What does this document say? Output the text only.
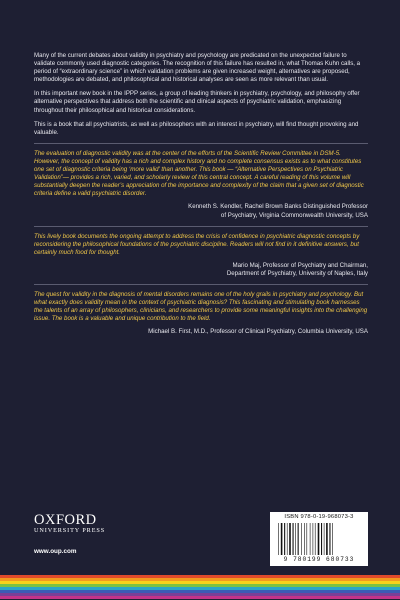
Many of the current debates about validity in psychiatry and psychology are predicated on the unexpected failure to validate commonly used diagnostic categories. The recognition of this failure has resulted in, what Thomas Kuhn calls, a period of “extraordinary science” in which validation problems are given increased weight, alternatives are proposed, methodologies are debated, and philosophical and historical analyses are seen as more relevant than usual.

In this important new book in the IPPP series, a group of leading thinkers in psychiatry, psychology, and philosophy offer alternative perspectives that address both the scientific and clinical aspects of psychiatric validation, emphasizing throughout their philosophical and historical considerations.

This is a book that all psychiatrists, as well as philosophers with an interest in psychiatry, will find thought provoking and valuable.

The evaluation of diagnostic validity was at the center of the efforts of the Scientific Review Committee in DSM-5. However, the concept of validity has a rich and complex history and no complete consensus exists as to what constitutes one set of diagnostic criteria being ‘more valid’ than another. This book — “Alternative Perspectives on Psychiatric Validation”— provides a rich, varied, and scholarly review of this central concept. A careful reading of this volume will substantially deepen the reader’s appreciation of the importance and complexity of the claim that a given set of diagnostic criteria define a valid psychiatric disorder.

Kenneth S. Kendler, Rachel Brown Banks Distinguished Professor
of Psychiatry, Virginia Commonwealth University, USA

This lively book documents the ongoing attempt to address the crisis of confidence in psychiatric diagnostic concepts by reconsidering the philosophical foundations of the psychiatric discipline. Readers will not find in it definitive answers, but certainly much food for thought.

Mario Maj, Professor of Psychiatry and Chairman,
Department of Psychiatry, University of Naples, Italy

The quest for validity in the diagnosis of mental disorders remains one of the holy grails in psychiatry and psychology. But what exactly does validity mean in the context of psychiatric diagnosis? This fascinating and stimulating book harnesses the talents of an array of philosophers, clinicians, and researchers to provide some meaningful insights into the challenging issue. The book is a valuable and unique contribution to the field.

Michael B. First, M.D., Professor of Clinical Psychiatry, Columbia University, USA

OXFORD
UNIVERSITY PRESS
www.oup.com
ISBN 978-0-19-968073-3
9 780199 680733
